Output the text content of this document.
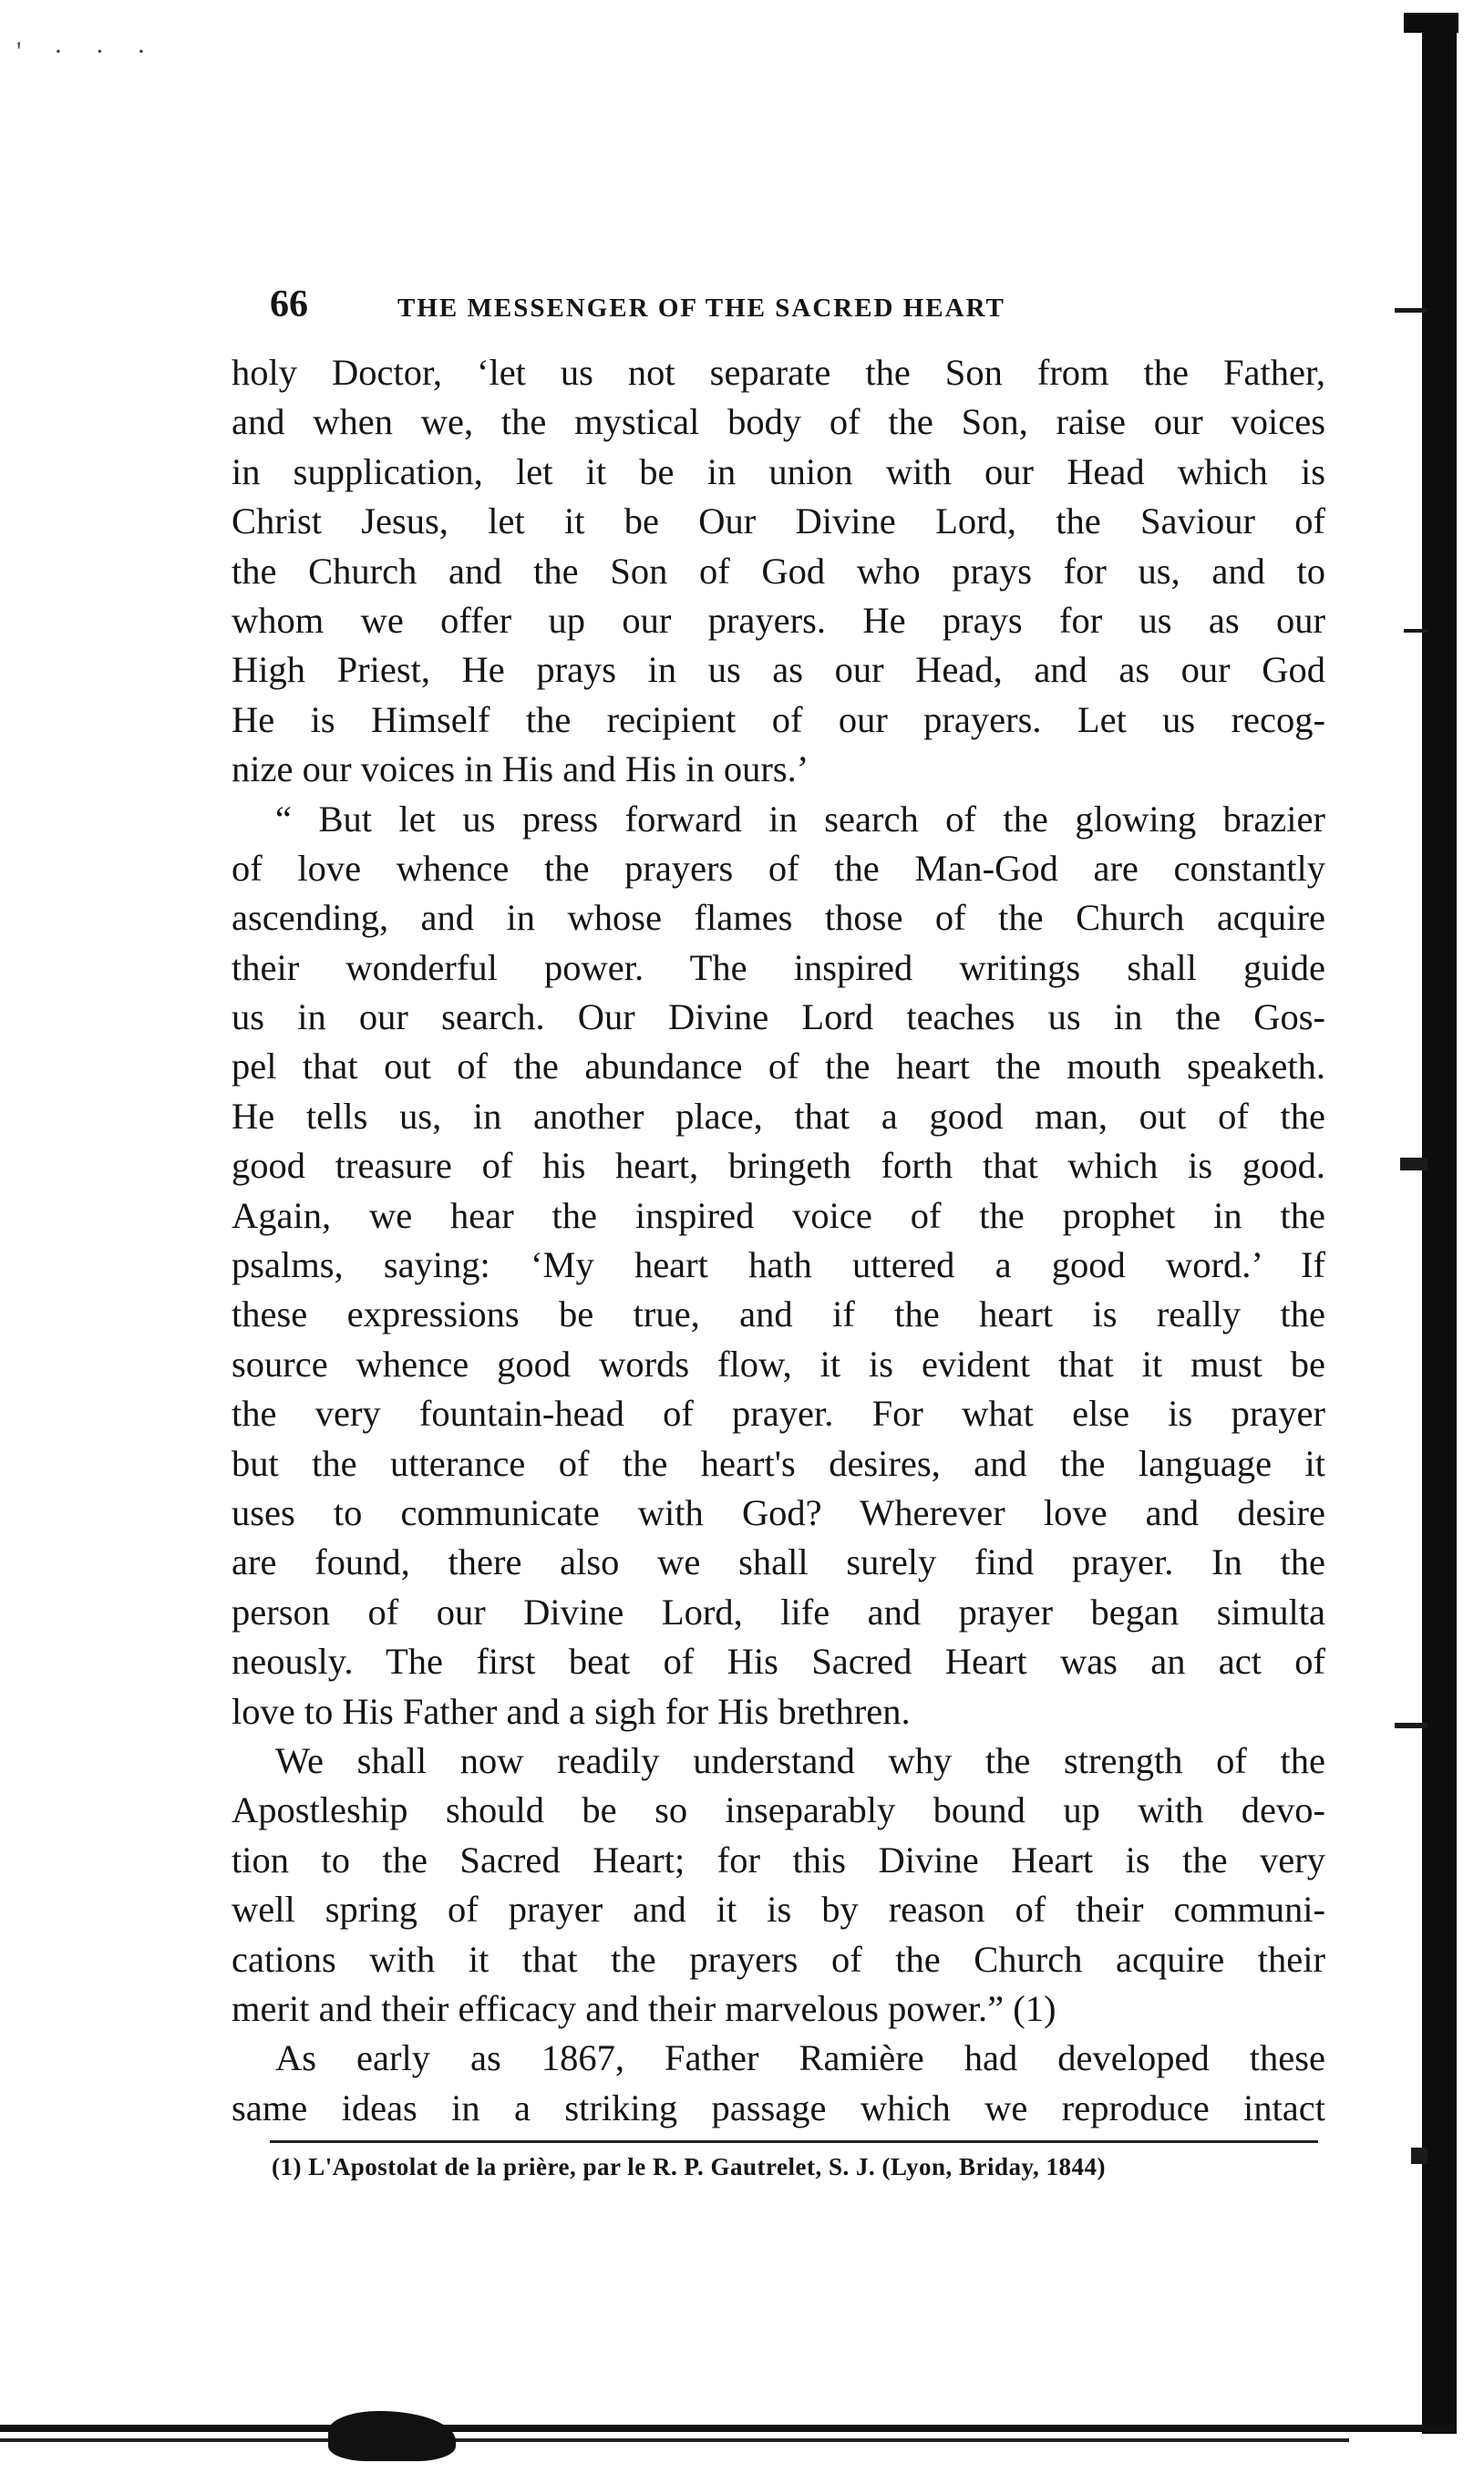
' · · ·
66	THE MESSENGER OF THE SACRED HEART
holy Doctor, ‘let us not separate the Son from the Father,
and when we, the mystical body of the Son, raise our voices
in supplication, let it be in union with our Head which is
Christ Jesus, let it be Our Divine Lord, the Saviour of
the Church and the Son of God who prays for us, and to
whom we offer up our prayers. He prays for us as our
High Priest, He prays in us as our Head, and as our God
He is Himself the recipient of our prayers. Let us recog-
nize our voices in His and His in ours.’
“ But let us press forward in search of the glowing brazier
of love whence the prayers of the Man-God are constantly
ascending, and in whose flames those of the Church acquire
their wonderful power. The inspired writings shall guide
us in our search. Our Divine Lord teaches us in the Gos-
pel that out of the abundance of the heart the mouth speaketh.
He tells us, in another place, that a good man, out of the
good treasure of his heart, bringeth forth that which is good.
Again, we hear the inspired voice of the prophet in the
psalms, saying: ‘My heart hath uttered a good word.’ If
these expressions be true, and if the heart is really the
source whence good words flow, it is evident that it must be
the very fountain-head of prayer. For what else is prayer
but the utterance of the heart's desires, and the language it
uses to communicate with God? Wherever love and desire
are found, there also we shall surely find prayer. In the
person of our Divine Lord, life and prayer began simulta
neously. The first beat of His Sacred Heart was an act of
love to His Father and a sigh for His brethren.
We shall now readily understand why the strength of the
Apostleship should be so inseparably bound up with devo-
tion to the Sacred Heart; for this Divine Heart is the very
well spring of prayer and it is by reason of their communi-
cations with it that the prayers of the Church acquire their
merit and their efficacy and their marvelous power.” (1)
As early as 1867, Father Ramière had developed these
same ideas in a striking passage which we reproduce intact
(1) L'Apostolat de la prière, par le R. P. Gautrelet, S. J. (Lyon, Briday, 1844)
